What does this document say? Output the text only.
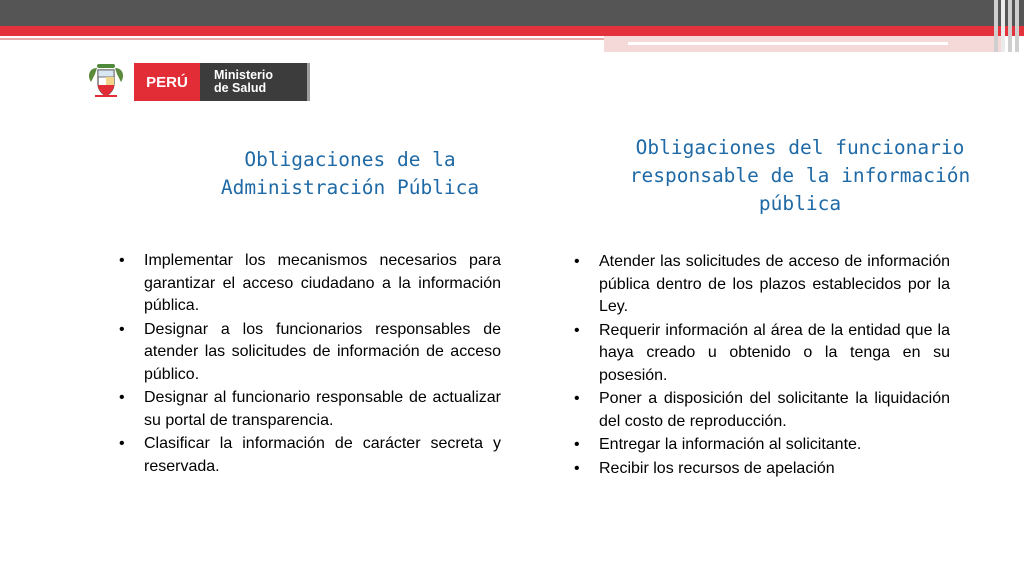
PERÚ	Ministerio
de Salud
Obligaciones de la Administración Pública
Obligaciones del funcionario responsable de la información pública
• Implementar los mecanismos necesarios para garantizar el acceso ciudadano a la información pública.
• Designar a los funcionarios responsables de atender las solicitudes de información de acceso público.
• Designar al funcionario responsable de actualizar su portal de transparencia.
• Clasificar la información de carácter secreta y reservada.
• Atender las solicitudes de acceso de información pública dentro de los plazos establecidos por la Ley.
• Requerir información al área de la entidad que la haya creado u obtenido o la tenga en su posesión.
• Poner a disposición del solicitante la liquidación del costo de reproducción.
• Entregar la información al solicitante.
• Recibir los recursos de apelación
